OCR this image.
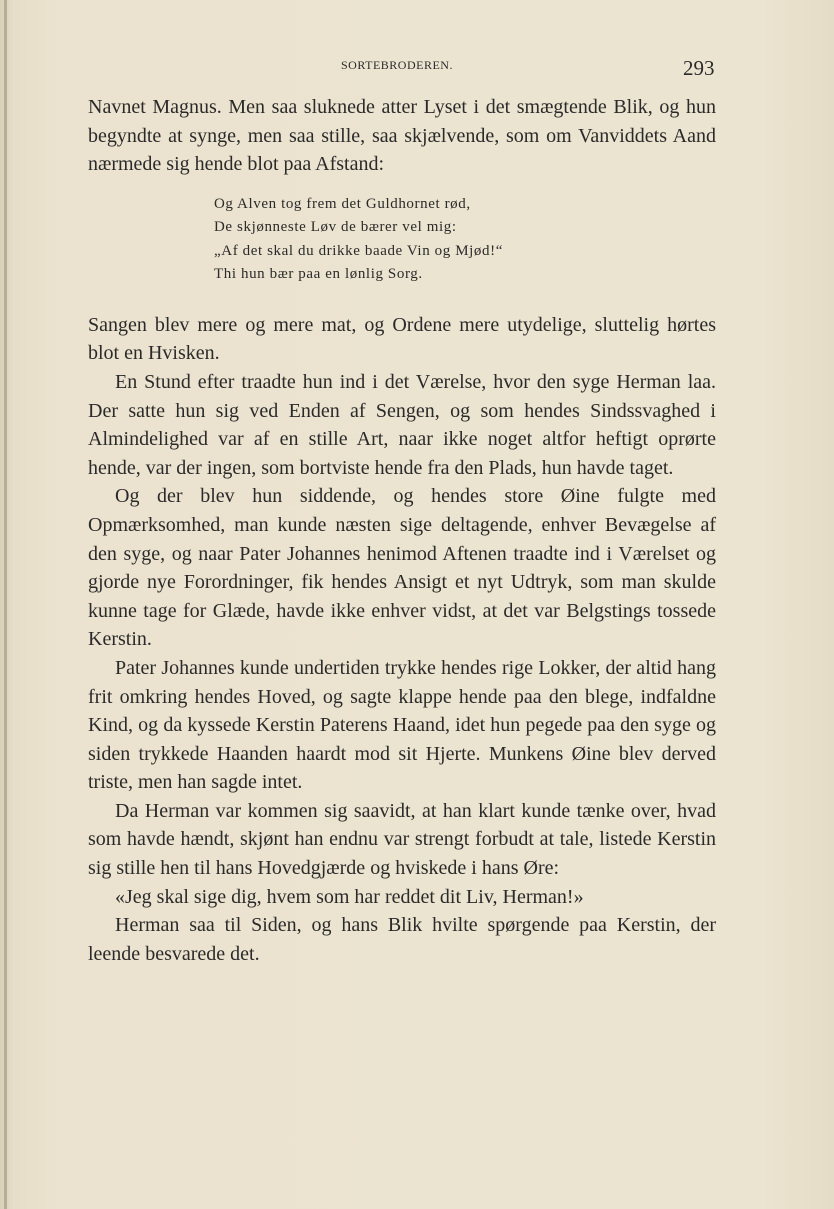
SORTEBRODEREN.	293

Navnet Magnus. Men saa sluknede atter Lyset i det smægtende Blik, og hun begyndte at synge, men saa stille, saa skjælvende, som om Vanviddets Aand nærmede sig hende blot paa Afstand:

Og Alven tog frem det Guldhornet rød,
De skjønneste Løv de bærer vel mig:
„Af det skal du drikke baade Vin og Mjød!“
Thi hun bær paa en lønlig Sorg.

Sangen blev mere og mere mat, og Ordene mere utydelige, sluttelig hørtes blot en Hvisken.

En Stund efter traadte hun ind i det Værelse, hvor den syge Herman laa. Der satte hun sig ved Enden af Sengen, og som hendes Sindssvaghed i Almindelighed var af en stille Art, naar ikke noget altfor heftigt oprørte hende, var der ingen, som bortviste hende fra den Plads, hun havde taget.

Og der blev hun siddende, og hendes store Øine fulgte med Opmærksomhed, man kunde næsten sige deltagende, enhver Bevægelse af den syge, og naar Pater Johannes henimod Aftenen traadte ind i Værelset og gjorde nye Forordninger, fik hendes Ansigt et nyt Udtryk, som man skulde kunne tage for Glæde, havde ikke enhver vidst, at det var Belgstings tossede Kerstin.

Pater Johannes kunde undertiden trykke hendes rige Lokker, der altid hang frit omkring hendes Hoved, og sagte klappe hende paa den blege, indfaldne Kind, og da kyssede Kerstin Paterens Haand, idet hun pegede paa den syge og siden trykkede Haanden haardt mod sit Hjerte. Munkens Øine blev derved triste, men han sagde intet.

Da Herman var kommen sig saavidt, at han klart kunde tænke over, hvad som havde hændt, skjønt han endnu var strengt forbudt at tale, listede Kerstin sig stille hen til hans Hovedgjærde og hviskede i hans Øre:

«Jeg skal sige dig, hvem som har reddet dit Liv, Herman!»

Herman saa til Siden, og hans Blik hvilte spørgende paa Kerstin, der leende besvarede det.
